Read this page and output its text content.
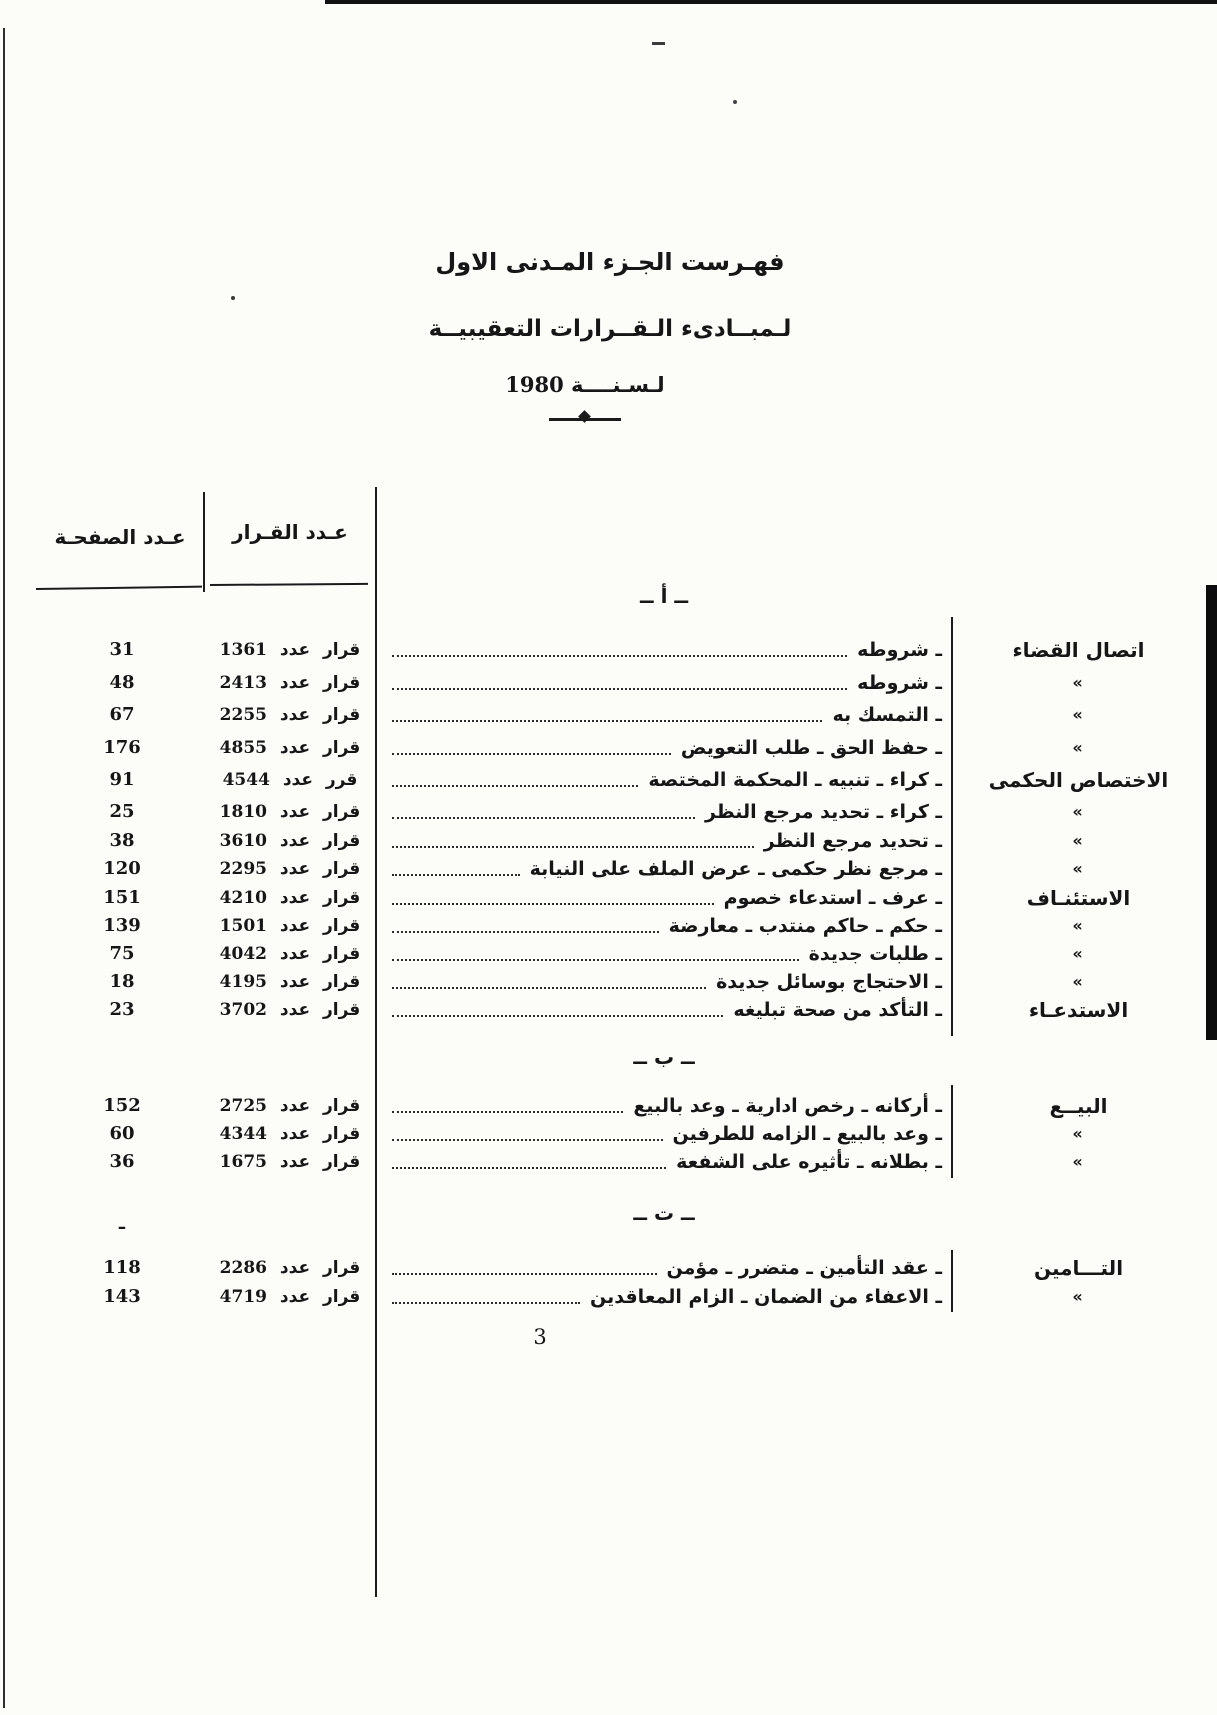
فهـرست الجـزء المـدنى الاول
لـمبــادىء الـقــرارات التعقيبيــة
لـسـنــــة 1980
عـدد الصفحـة	عـدد القـرار
ــ أ ــ
اتصال القضاء
ـ شروطه
قرار عدد 1361
31
»
ـ شروطه
قرار عدد 2413
48
»
ـ التمسك به
قرار عدد 2255
67
»
ـ حفظ الحق ـ طلب التعويض
قرار عدد 4855
176
الاختصاص الحكمى
ـ كراء ـ تنبيه ـ المحكمة المختصة
قرر عدد 4544
91
»
ـ كراء ـ تحديد مرجع النظر
قرار عدد 1810
25
»
ـ تحديد مرجع النظر
قرار عدد 3610
38
»
ـ مرجع نظر حكمى ـ عرض الملف على النيابة
قرار عدد 2295
120
الاستئنـاف
ـ عرف ـ استدعاء خصوم
قرار عدد 4210
151
»
ـ حكم ـ حاكم منتدب ـ معارضة
قرار عدد 1501
139
»
ـ طلبات جديدة
قرار عدد 4042
75
»
ـ الاحتجاج بوسائل جديدة
قرار عدد 4195
18
الاستدعـاء
ـ التأكد من صحة تبليغه
قرار عدد 3702
23
ــ ب ــ
البيــع
ـ أركانه ـ رخص ادارية ـ وعد بالبيع
قرار عدد 2725
152
»
ـ وعد بالبيع ـ الزامه للطرفين
قرار عدد 4344
60
»
ـ بطلانه ـ تأثيره على الشفعة
قرار عدد 1675
36
ــ ت ــ
التـــامين
ـ عقد التأمين ـ متضرر ـ مؤمن
قرار عدد 2286
118
»
ـ الاعفاء من الضمان ـ الزام المعاقدين
قرار عدد 4719
143
ـ
3
